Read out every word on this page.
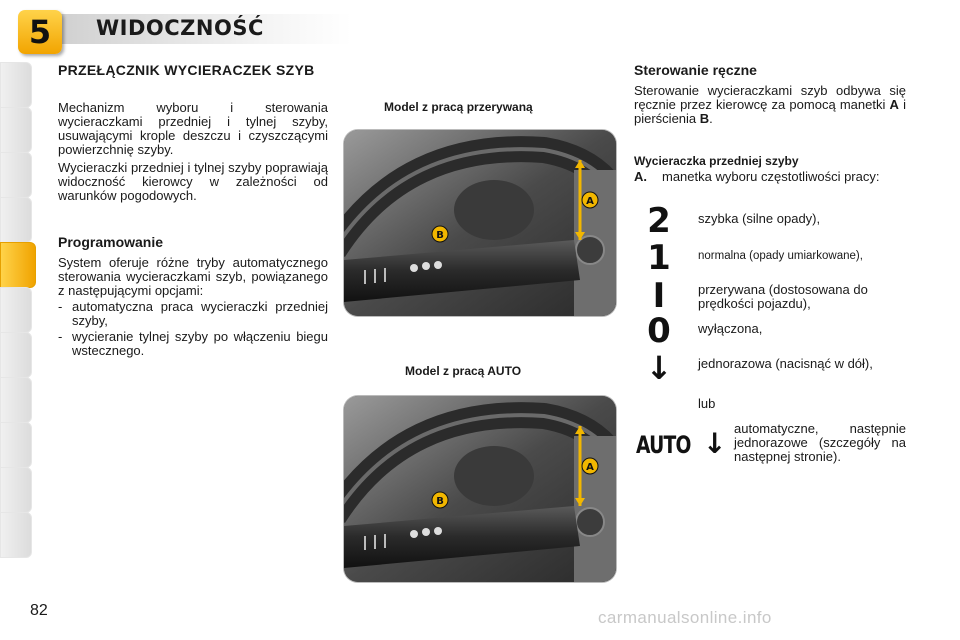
5	WIDOCZNOŚĆ
PRZEŁĄCZNIK WYCIERACZEK SZYB

Mechanizm wyboru i sterowania wycieraczkami przedniej i tylnej szyby, usuwającymi krople deszczu i czyszczącymi powierzchnię szyby.

Wycieraczki przedniej i tylnej szyby poprawiają widoczność kierowcy w zależności od warunków pogodowych.

Programowanie
System oferuje różne tryby automatycznego sterowania wycieraczkami szyb, powiązanego z następującymi opcjami:
- automatyczna praca wycieraczki przedniej szyby,
- wycieranie tylnej szyby po włączeniu biegu wstecznego.
Model z pracą przerywaną
Model z pracą AUTO
B
A
B
A
Sterowanie ręczne
Sterowanie wycieraczkami szyb odbywa się ręcznie przez kierowcę za pomocą manetki A i pierścienia B.
Wycieraczka przedniej szyby
A.	manetka wyboru częstotliwości pracy:
2 szybka (silne opady),
1 normalna (opady umiarkowane),
I	przerywana (dostosowana do prędkości pojazdu),
0 wyłączona,
↓ jednorazowa (nacisnąć w dół),
lub
AUTO ↓ automatyczne, następnie jednorazowe (szczegóły na następnej stronie).
82	carmanualsonline.info
